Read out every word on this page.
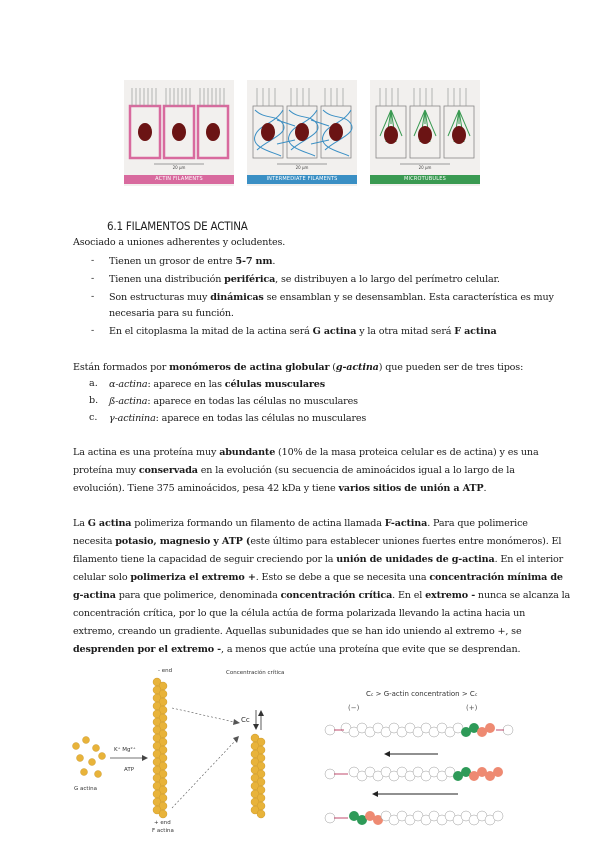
20 μm
ACTIN FILAMENTS
20 μm
INTERMEDIATE FILAMENTS
20 μm
MICROTUBULES
6.1 FILAMENTOS DE ACTINA
Asociado a uniones adherentes y ocludentes.
- Tienen un grosor de entre 5-7 nm.
- Tienen una distribución periférica, se distribuyen a lo largo del perímetro celular.
- Son estructuras muy dinámicas se ensamblan y se desensamblan. Esta característica es muy
necesaria para su función.
- En el citoplasma la mitad de la actina será G actina y la otra mitad será F actina
Están formados por monómeros de actina globular (g-actina) que pueden ser de tres tipos:
a. α-actina: aparece en las células musculares
b. ß-actina: aparece en todas las células no musculares
c. γ-actinina: aparece en todas las células no musculares
La actina es una proteína muy abundante (10% de la masa proteica celular es de actina) y es una
proteína muy conservada en la evolución (su secuencia de aminoácidos igual a lo largo de la
evolución). Tiene 375 aminoácidos, pesa 42 kDa y tiene varios sitios de unión a ATP.
La G actina polimeriza formando un filamento de actina llamada F-actina. Para que polimerice
necesita potasio, magnesio y ATP (este último para establecer uniones fuertes entre monómeros). El
filamento tiene la capacidad de seguir creciendo por la unión de unidades de g-actina. En el interior
celular solo polimeriza el extremo +. Esto se debe a que se necesita una concentración mínima de
g-actina para que polimerice, denominada concentración crítica. En el extremo - nunca se alcanza la
concentración crítica, por lo que la célula actúa de forma polarizada llevando la actina hacia un
extremo, creando un gradiente. Aquellas subunidades que se han ido uniendo al extremo +, se
desprenden por el extremo -, a menos que actúe una proteína que evite que se desprendan.
- end	Concentración crítica
K⁺ Mg²⁺
ATP
Cc
G actina
+ end
F actina
Cc > G-actin concentration > Cc
(−)	(+)
